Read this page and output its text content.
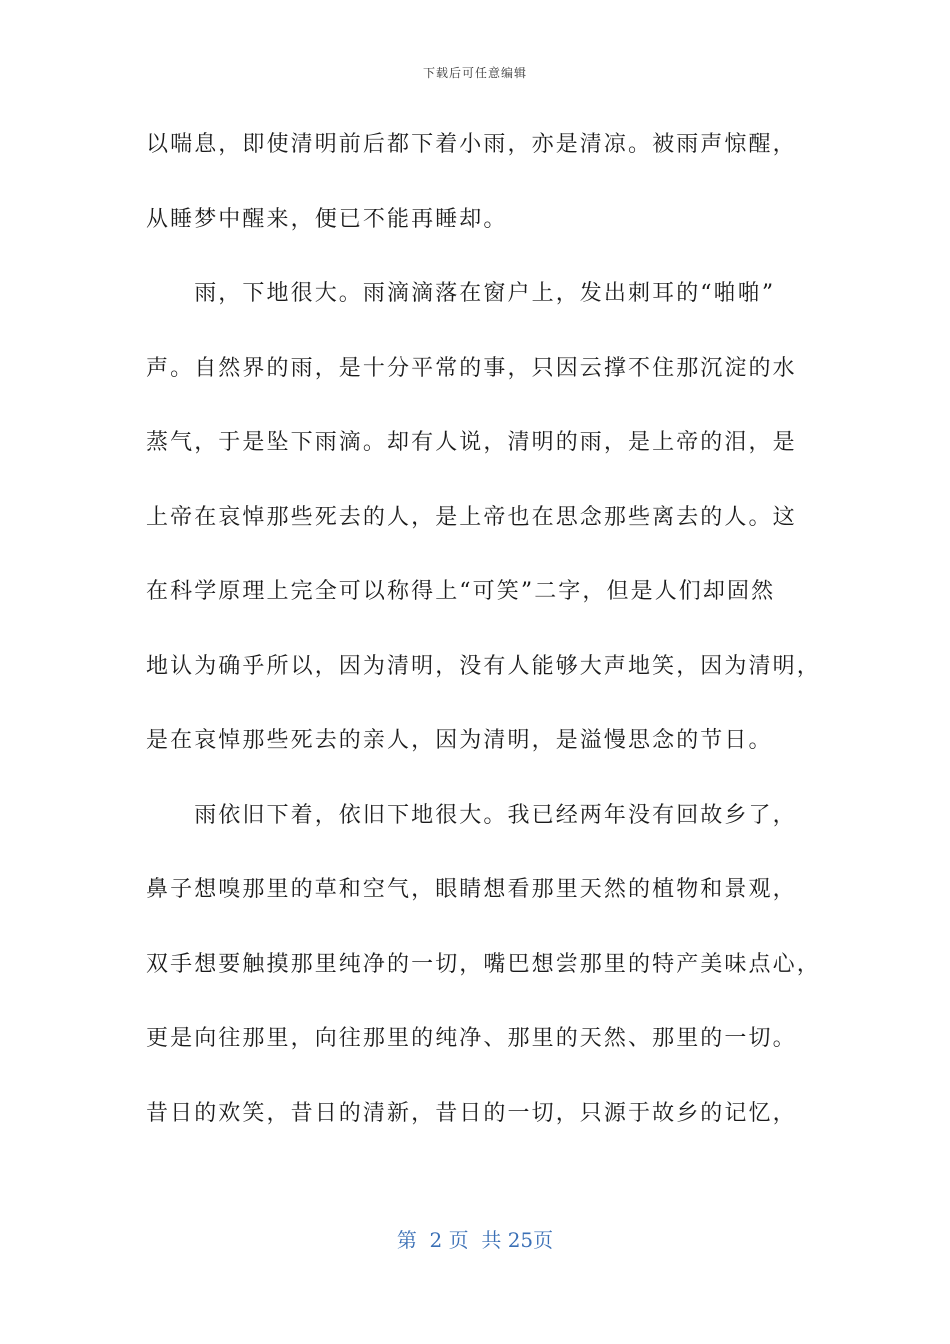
下载后可任意编辑
以喘息，即使清明前后都下着小雨，亦是清凉。被雨声惊醒，
从睡梦中醒来，便已不能再睡却。
　　雨，下地很大。雨滴滴落在窗户上，发出刺耳的“啪啪”
声。自然界的雨，是十分平常的事，只因云撑不住那沉淀的水
蒸气，于是坠下雨滴。却有人说，清明的雨，是上帝的泪，是
上帝在哀悼那些死去的人，是上帝也在思念那些离去的人。这
在科学原理上完全可以称得上“可笑”二字，但是人们却固然
地认为确乎所以，因为清明，没有人能够大声地笑，因为清明，
是在哀悼那些死去的亲人，因为清明，是溢慢思念的节日。
　　雨依旧下着，依旧下地很大。我已经两年没有回故乡了，
鼻子想嗅那里的草和空气，眼睛想看那里天然的植物和景观，
双手想要触摸那里纯净的一切，嘴巴想尝那里的特产美味点心，
更是向往那里，向往那里的纯净、那里的天然、那里的一切。
昔日的欢笑，昔日的清新，昔日的一切，只源于故乡的记忆，
第  2 页  共 25页
